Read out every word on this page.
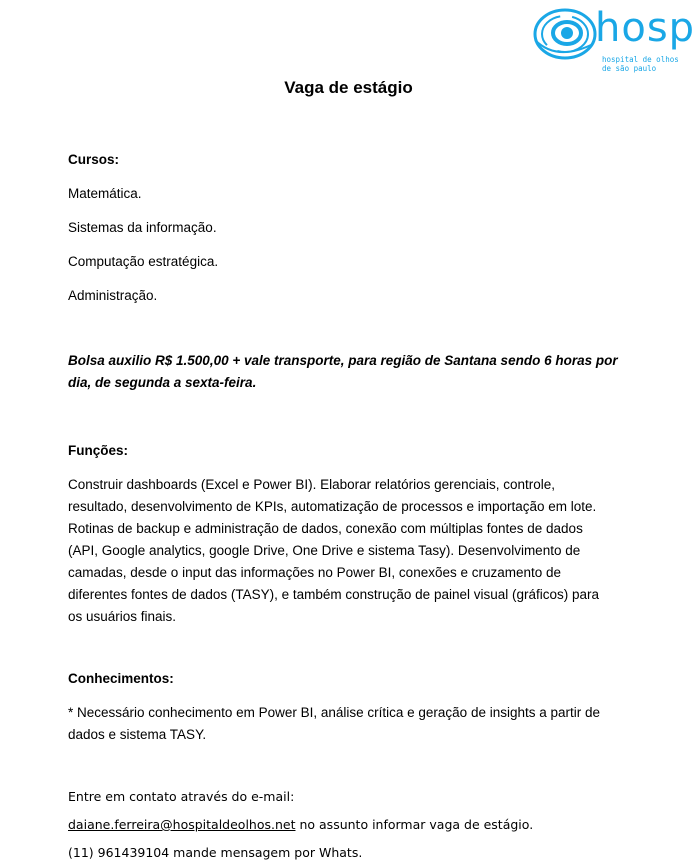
hosp
hospital de olhos
de são paulo
Vaga de estágio
Cursos:
Matemática.
Sistemas da informação.
Computação estratégica.
Administração.
Bolsa auxilio R$ 1.500,00 + vale transporte, para região de Santana sendo 6 horas por
dia, de segunda a sexta-feira.
Funções:
Construir dashboards (Excel e Power BI). Elaborar relatórios gerenciais, controle,
resultado, desenvolvimento de KPIs, automatização de processos e importação em lote.
Rotinas de backup e administração de dados, conexão com múltiplas fontes de dados
(API, Google analytics, google Drive, One Drive e sistema Tasy). Desenvolvimento de
camadas, desde o input das informações no Power BI, conexões e cruzamento de
diferentes fontes de dados (TASY), e também construção de painel visual (gráficos) para
os usuários finais.
Conhecimentos:
* Necessário conhecimento em Power BI, análise crítica e geração de insights a partir de
dados e sistema TASY.
Entre em contato através do e-mail:
daiane.ferreira@hospitaldeolhos.net no assunto informar vaga de estágio.
(11) 961439104 mande mensagem por Whats.
